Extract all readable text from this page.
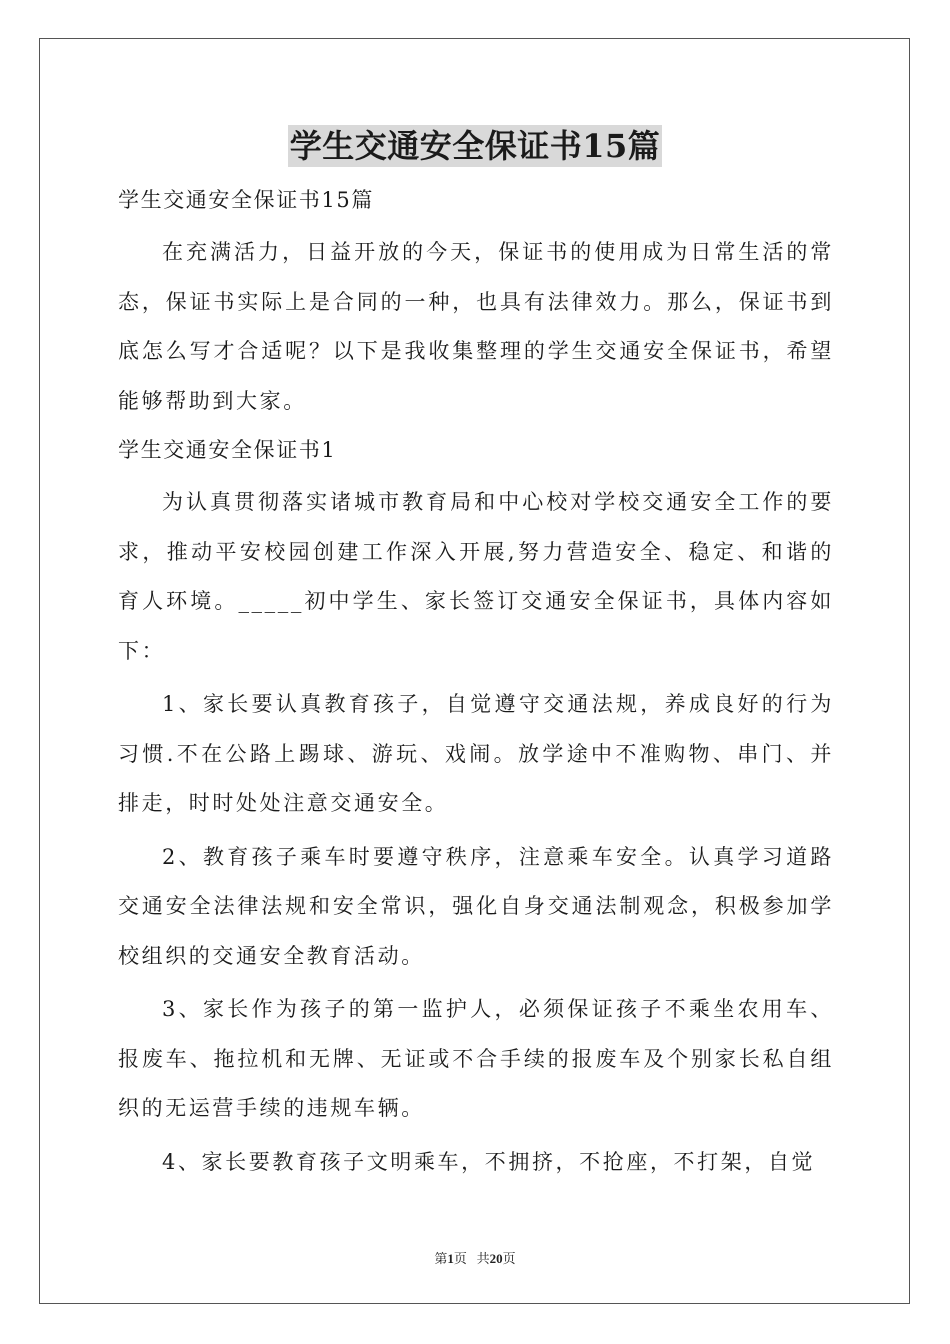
学生交通安全保证书15篇

学生交通安全保证书15篇

在充满活力，日益开放的今天，保证书的使用成为日常生活的常态，保证书实际上是合同的一种，也具有法律效力。那么，保证书到底怎么写才合适呢？以下是我收集整理的学生交通安全保证书，希望能够帮助到大家。

学生交通安全保证书1

为认真贯彻落实诸城市教育局和中心校对学校交通安全工作的要求，推动平安校园创建工作深入开展,努力营造安全、稳定、和谐的育人环境。_____初中学生、家长签订交通安全保证书，具体内容如下：

1、家长要认真教育孩子，自觉遵守交通法规，养成良好的行为习惯.不在公路上踢球、游玩、戏闹。放学途中不准购物、串门、并排走，时时处处注意交通安全。

2、教育孩子乘车时要遵守秩序，注意乘车安全。认真学习道路交通安全法律法规和安全常识，强化自身交通法制观念，积极参加学校组织的交通安全教育活动。

3、家长作为孩子的第一监护人，必须保证孩子不乘坐农用车、报废车、拖拉机和无牌、无证或不合手续的报废车及个别家长私自组织的无运营手续的违规车辆。

4、家长要教育孩子文明乘车，不拥挤，不抢座，不打架，自觉

第1页 共20页
